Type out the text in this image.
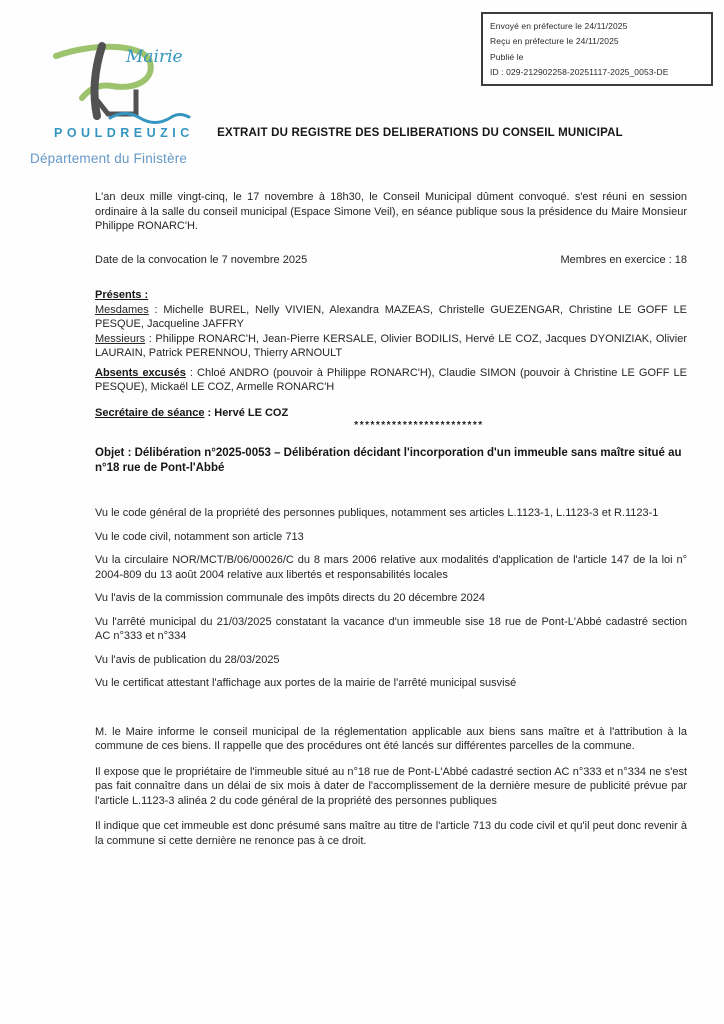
Envoyé en préfecture le 24/11/2025
Reçu en préfecture le 24/11/2025
Publié le
ID : 029-212902258-20251117-2025_0053-DE
Mairie
POULDREUZIC
Département du Finistère
EXTRAIT DU REGISTRE DES DELIBERATIONS DU CONSEIL MUNICIPAL

L'an deux mille vingt-cinq, le 17 novembre à 18h30, le Conseil Municipal dûment convoqué. s'est réuni en session ordinaire à la salle du conseil municipal (Espace Simone Veil), en séance publique sous la présidence du Maire Monsieur Philippe RONARC'H.

Date de la convocation le 7 novembre 2025	Membres en exercice : 18
Présents :
Mesdames : Michelle BUREL, Nelly VIVIEN, Alexandra MAZEAS, Christelle GUEZENGAR, Christine LE GOFF LE PESQUE, Jacqueline JAFFRY
Messieurs : Philippe RONARC'H, Jean-Pierre KERSALE, Olivier BODILIS, Hervé LE COZ, Jacques DYONIZIAK, Olivier LAURAIN, Patrick PERENNOU, Thierry ARNOULT
Absents excusés : Chloé ANDRO (pouvoir à Philippe RONARC'H), Claudie SIMON (pouvoir à Christine LE GOFF LE PESQUE), Mickaël LE COZ, Armelle RONARC'H
Secrétaire de séance : Hervé LE COZ
************************
Objet : Délibération n°2025-0053 – Délibération décidant l'incorporation d'un immeuble sans maître situé au n°18 rue de Pont-l'Abbé

Vu le code général de la propriété des personnes publiques, notamment ses articles L.1123-1, L.1123-3 et R.1123-1

Vu le code civil, notamment son article 713

Vu la circulaire NOR/MCT/B/06/00026/C du 8 mars 2006 relative aux modalités d'application de l'article 147 de la loi n° 2004-809 du 13 août 2004 relative aux libertés et responsabilités locales

Vu l'avis de la commission communale des impôts directs du 20 décembre 2024

Vu l'arrêté municipal du 21/03/2025 constatant la vacance d'un immeuble sise 18 rue de Pont-L'Abbé cadastré section AC n°333 et n°334

Vu l'avis de publication du 28/03/2025

Vu le certificat attestant l'affichage aux portes de la mairie de l'arrêté municipal susvisé

M. le Maire informe le conseil municipal de la réglementation applicable aux biens sans maître et à l'attribution à la commune de ces biens. Il rappelle que des procédures ont été lancés sur différentes parcelles de la commune.

Il expose que le propriétaire de l'immeuble situé au n°18 rue de Pont-L'Abbé cadastré section AC n°333 et n°334 ne s'est pas fait connaître dans un délai de six mois à dater de l'accomplissement de la dernière mesure de publicité prévue par l'article L.1123-3 alinéa 2 du code général de la propriété des personnes publiques

Il indique que cet immeuble est donc présumé sans maître au titre de l'article 713 du code civil et qu'il peut donc revenir à la commune si cette dernière ne renonce pas à ce droit.
